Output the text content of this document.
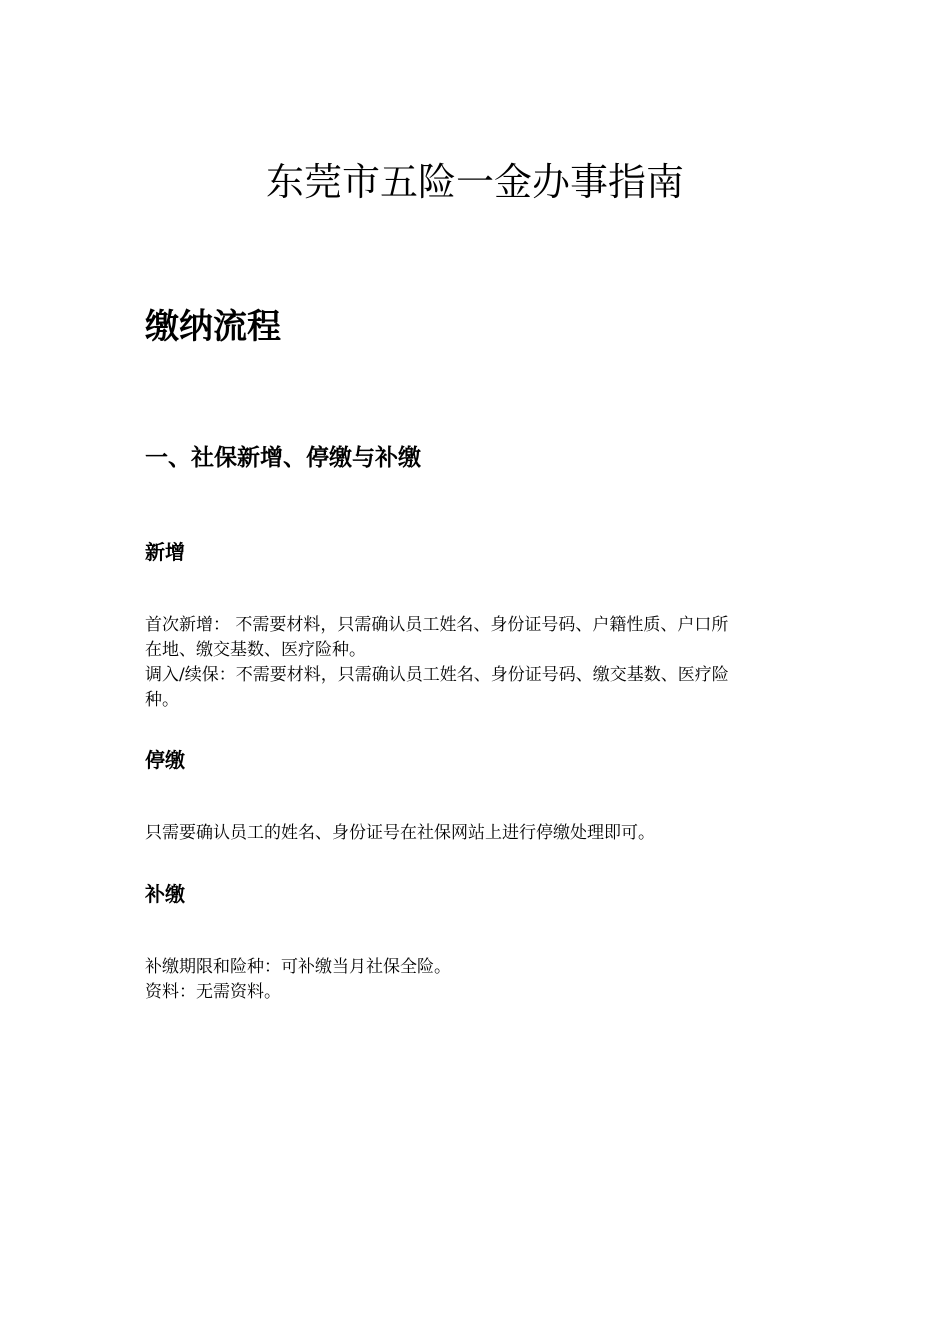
东莞市五险一金办事指南
缴纳流程
一、社保新增、停缴与补缴
新增

首次新增： 不需要材料，只需确认员工姓名、身份证号码、户籍性质、户口所
在地、缴交基数、医疗险种。
调入/续保：不需要材料，只需确认员工姓名、身份证号码、缴交基数、医疗险
种。

停缴

只需要确认员工的姓名、身份证号在社保网站上进行停缴处理即可。

补缴

补缴期限和险种：可补缴当月社保全险。
资料：无需资料。
